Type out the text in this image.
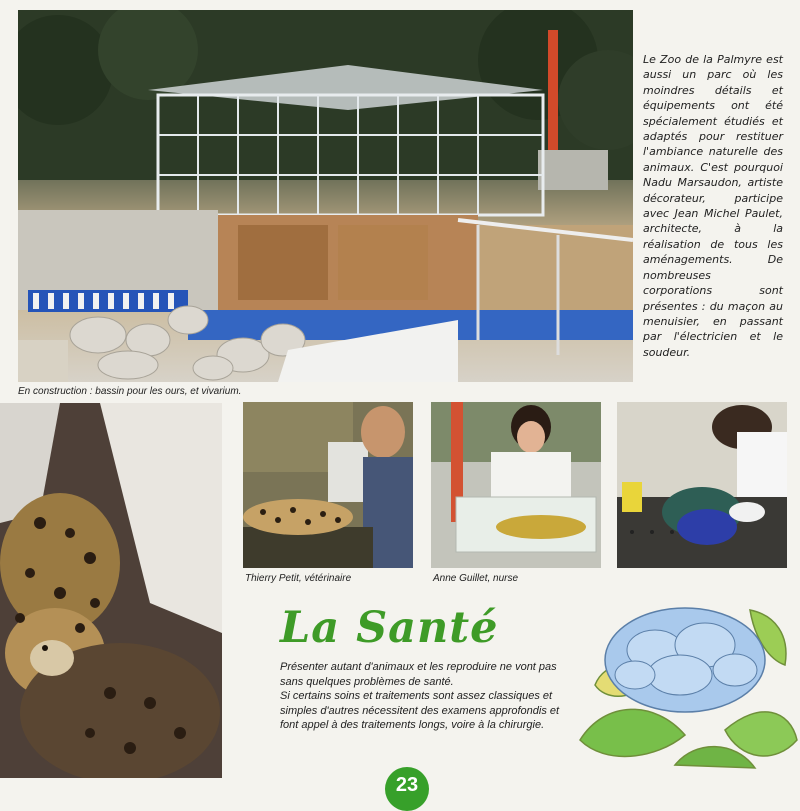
En construction : bassin pour les ours, et vivarium.
Le Zoo de la Palmyre est aussi un parc où les moindres détails et équipements ont été spécialement étudiés et adaptés pour restituer l'ambiance naturelle des animaux. C'est pourquoi Nadu Marsaudon, artiste décorateur, participe avec Jean Michel Paulet, architecte, à la réalisation de tous les aménagements. De nombreuses corporations sont présentes : du maçon au menuisier, en passant par l'électricien et le soudeur.
Thierry Petit, vétérinaire	Anne Guillet, nurse
La Santé
Présenter autant d'animaux et les reproduire ne vont pas sans quelques problèmes de santé.
Si certains soins et traitements sont assez classiques et simples d'autres nécessitent des examens approfondis et font appel à des traitements longs, voire à la chirurgie.
23
